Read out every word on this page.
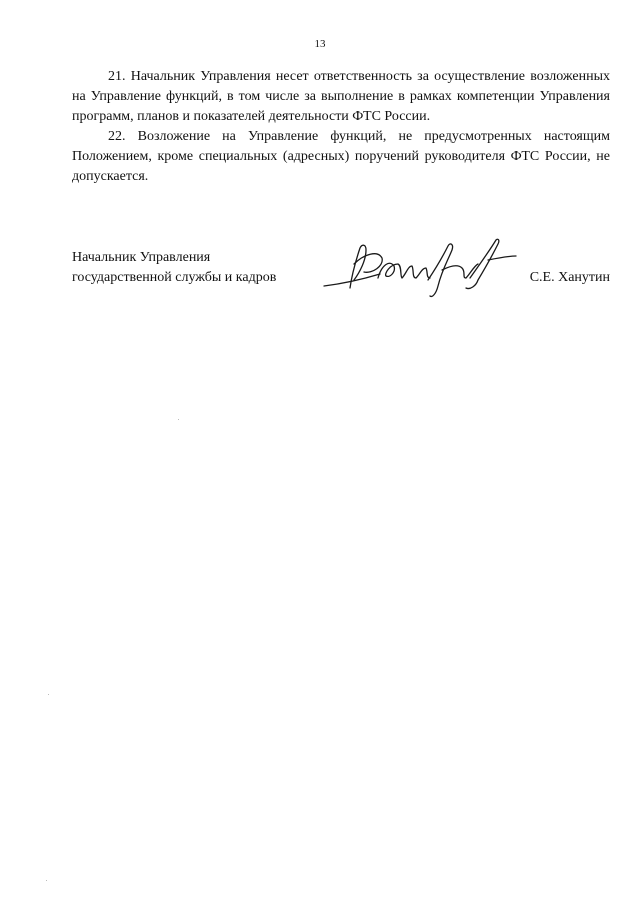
13

21. Начальник Управления несет ответственность за осуществление возложенных на Управление функций, в том числе за выполнение в рамках компетенции Управления программ, планов и показателей деятельности ФТС России.

22. Возложение на Управление функций, не предусмотренных настоящим Положением, кроме специальных (адресных) поручений руководителя ФТС России, не допускается.

Начальник Управления
государственной службы и кадров	С.Е. Ханутин
